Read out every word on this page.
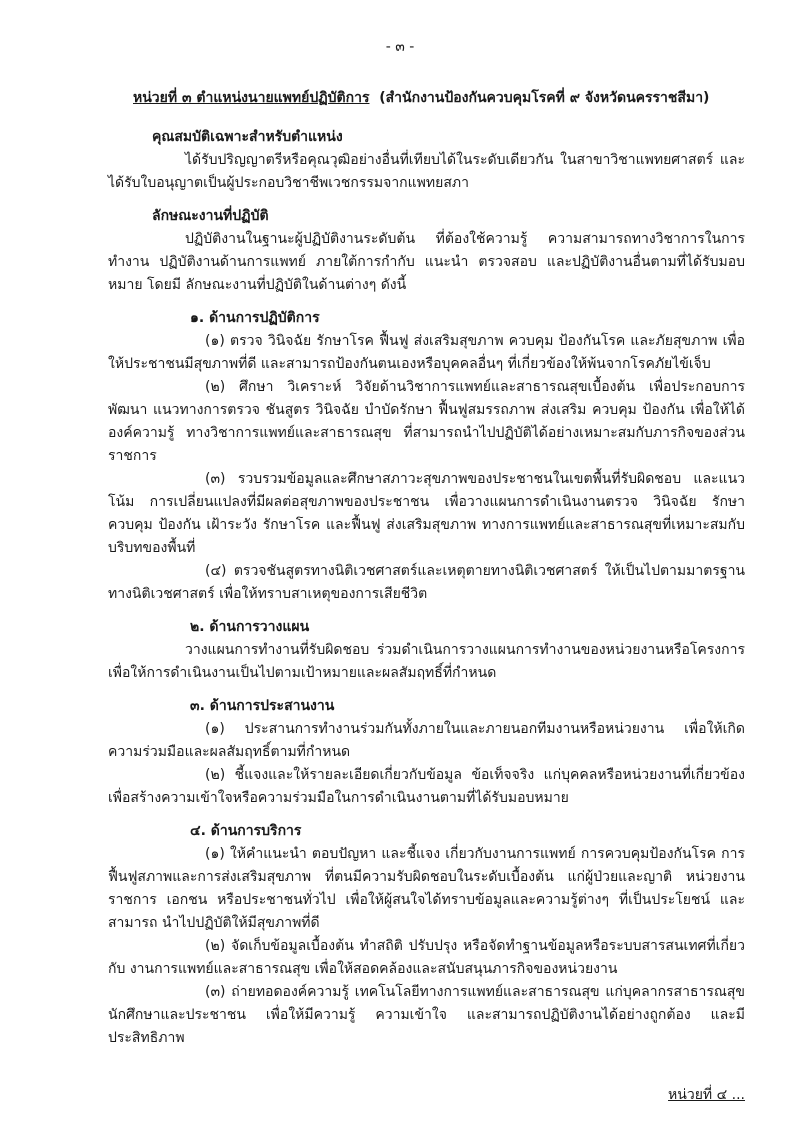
- ๓ -
หน่วยที่ ๓ ตำแหน่งนายแพทย์ปฏิบัติการ (สำนักงานป้องกันควบคุมโรคที่ ๙ จังหวัดนครราชสีมา)
คุณสมบัติเฉพาะสำหรับตำแหน่ง
ได้รับปริญญาตรีหรือคุณวุฒิอย่างอื่นที่เทียบได้ในระดับเดียวกัน ในสาขาวิชาแพทยศาสตร์ และ ได้รับใบอนุญาตเป็นผู้ประกอบวิชาชีพเวชกรรมจากแพทยสภา
ลักษณะงานที่ปฏิบัติ
ปฏิบัติงานในฐานะผู้ปฏิบัติงานระดับต้น ที่ต้องใช้ความรู้ ความสามารถทางวิชาการในการทำงาน ปฏิบัติงานด้านการแพทย์ ภายใต้การกำกับ แนะนำ ตรวจสอบ และปฏิบัติงานอื่นตามที่ได้รับมอบหมาย โดยมี ลักษณะงานที่ปฏิบัติในด้านต่างๆ ดังนี้
๑. ด้านการปฏิบัติการ
(๑) ตรวจ วินิจฉัย รักษาโรค ฟื้นฟู ส่งเสริมสุขภาพ ควบคุม ป้องกันโรค และภัยสุขภาพ เพื่อให้ประชาชนมีสุขภาพที่ดี และสามารถป้องกันตนเองหรือบุคคลอื่นๆ ที่เกี่ยวข้องให้พ้นจากโรคภัยไข้เจ็บ
(๒) ศึกษา วิเคราะห์ วิจัยด้านวิชาการแพทย์และสาธารณสุขเบื้องต้น เพื่อประกอบการพัฒนา แนวทางการตรวจ ชันสูตร วินิจฉัย บำบัดรักษา ฟื้นฟูสมรรถภาพ ส่งเสริม ควบคุม ป้องกัน เพื่อให้ได้องค์ความรู้ ทางวิชาการแพทย์และสาธารณสุข ที่สามารถนำไปปฏิบัติได้อย่างเหมาะสมกับภารกิจของส่วนราชการ
(๓) รวบรวมข้อมูลและศึกษาสภาวะสุขภาพของประชาชนในเขตพื้นที่รับผิดชอบ และแนวโน้ม การเปลี่ยนแปลงที่มีผลต่อสุขภาพของประชาชน เพื่อวางแผนการดำเนินงานตรวจ วินิจฉัย รักษา ควบคุม ป้องกัน เฝ้าระวัง รักษาโรค และฟื้นฟู ส่งเสริมสุขภาพ ทางการแพทย์และสาธารณสุขที่เหมาะสมกับบริบทของพื้นที่
(๔) ตรวจชันสูตรทางนิติเวชศาสตร์และเหตุตายทางนิติเวชศาสตร์ ให้เป็นไปตามมาตรฐาน ทางนิติเวชศาสตร์ เพื่อให้ทราบสาเหตุของการเสียชีวิต
๒. ด้านการวางแผน
วางแผนการทำงานที่รับผิดชอบ ร่วมดำเนินการวางแผนการทำงานของหน่วยงานหรือโครงการ เพื่อให้การดำเนินงานเป็นไปตามเป้าหมายและผลสัมฤทธิ์ที่กำหนด
๓. ด้านการประสานงาน
(๑) ประสานการทำงานร่วมกันทั้งภายในและภายนอกทีมงานหรือหน่วยงาน เพื่อให้เกิด ความร่วมมือและผลสัมฤทธิ์ตามที่กำหนด
(๒) ชี้แจงและให้รายละเอียดเกี่ยวกับข้อมูล ข้อเท็จจริง แก่บุคคลหรือหน่วยงานที่เกี่ยวข้อง เพื่อสร้างความเข้าใจหรือความร่วมมือในการดำเนินงานตามที่ได้รับมอบหมาย
๔. ด้านการบริการ
(๑) ให้คำแนะนำ ตอบปัญหา และชี้แจง เกี่ยวกับงานการแพทย์ การควบคุมป้องกันโรค การฟื้นฟูสภาพและการส่งเสริมสุขภาพ ที่ตนมีความรับผิดชอบในระดับเบื้องต้น แก่ผู้ป่วยและญาติ หน่วยงาน ราชการ เอกชน หรือประชาชนทั่วไป เพื่อให้ผู้สนใจได้ทราบข้อมูลและความรู้ต่างๆ ที่เป็นประโยชน์ และสามารถ นำไปปฏิบัติให้มีสุขภาพที่ดี
(๒) จัดเก็บข้อมูลเบื้องต้น ทำสถิติ ปรับปรุง หรือจัดทำฐานข้อมูลหรือระบบสารสนเทศที่เกี่ยวกับ งานการแพทย์และสาธารณสุข เพื่อให้สอดคล้องและสนับสนุนภารกิจของหน่วยงาน
(๓) ถ่ายทอดองค์ความรู้ เทคโนโลยีทางการแพทย์และสาธารณสุข แก่บุคลากรสาธารณสุข นักศึกษาและประชาชน เพื่อให้มีความรู้ ความเข้าใจ และสามารถปฏิบัติงานได้อย่างถูกต้อง และมีประสิทธิภาพ
หน่วยที่ ๔ ...
